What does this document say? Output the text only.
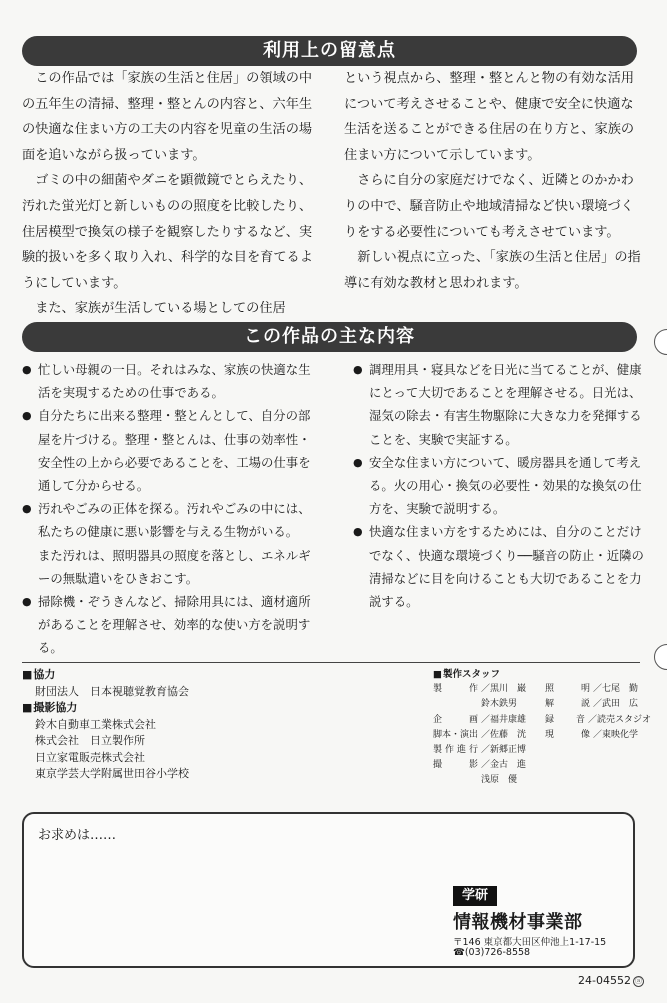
利用上の留意点

この作品では「家族の生活と住居」の領域の中の五年生の清掃、整理・整とんの内容と、六年生の快適な住まい方の工夫の内容を児童の生活の場面を追いながら扱っています。

ゴミの中の細菌やダニを顕微鏡でとらえたり、汚れた蛍光灯と新しいものの照度を比較したり、住居模型で換気の様子を観察したりするなど、実験的扱いを多く取り入れ、科学的な目を育てるようにしています。

また、家族が生活している場としての住居

という視点から、整理・整とんと物の有効な活用について考えさせることや、健康で安全に快適な生活を送ることができる住居の在り方と、家族の住まい方について示しています。

さらに自分の家庭だけでなく、近隣とのかかわりの中で、騒音防止や地域清掃など快い環境づくりをする必要性についても考えさせています。

新しい視点に立った、「家族の生活と住居」の指導に有効な教材と思われます。

この作品の主な内容
● 忙しい母親の一日。それはみな、家族の快適な生活を実現するための仕事である。
● 自分たちに出来る整理・整とんとして、自分の部屋を片づける。整理・整とんは、仕事の効率性・安全性の上から必要であることを、工場の仕事を通して分からせる。
● 汚れやごみの正体を探る。汚れやごみの中には、私たちの健康に悪い影響を与える生物がいる。
また汚れは、照明器具の照度を落とし、エネルギーの無駄遣いをひきおこす。
● 掃除機・ぞうきんなど、掃除用具には、適材適所があることを理解させ、効率的な使い方を説明する。
● 調理用具・寝具などを日光に当てることが、健康にとって大切であることを理解させる。日光は、湿気の除去・有害生物駆除に大きな力を発揮することを、実験で実証する。
● 安全な住まい方について、暖房器具を通して考える。火の用心・換気の必要性・効果的な換気の仕方を、実験で説明する。
● 快適な住まい方をするためには、自分のことだけでなく、快適な環境づくり──騒音の防止・近隣の清掃などに目を向けることも大切であることを力説する。
■ 協力
財団法人　日本視聴覚教育協会
■ 撮影協力
鈴木自動車工業株式会社
株式会社　日立製作所
日立家電販売株式会社
東京学芸大学附属世田谷小学校
■ 製作スタッフ
製作 ／黒川　巌
鈴木鉄男
企画 ／福井康雄
脚本・演出 ／佐藤　洸
製作進行 ／新郷正博
撮影 ／金古　進
浅原　優
照明 ／七尾　勤
解説 ／武田　広
録音 ／読売スタジオ
現像 ／東映化学
お求めは……
学研
情報機材事業部
〒146 東京都大田区仲池上1-17-15
☎(03)726-8558
24-04552 ⓐ
